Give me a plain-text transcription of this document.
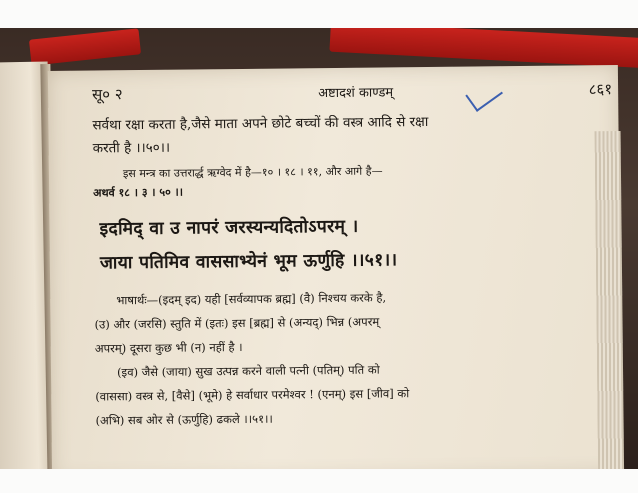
सू० २	अष्टादशं काण्डम्	८६१

सर्वथा रक्षा करता है,जैसे माता अपने छोटे बच्चों की वस्त्र आदि से रक्षा

करती है ।।५०।।

इस मन्त्र का उत्तरार्द्ध ऋग्वेद में है—१० । १८ । ११, और आगे है—

अथर्व १८ । ३ । ५० ।।

इदमिद् वा उ नापरं जरस्यन्यदितोऽपरम् ।
जाया पतिमिव वाससाभ्येनं भूम ऊर्णुहि ।।५१।।

भाषार्थः—(इदम् इद) यही [सर्वव्यापक ब्रह्म] (वै) निश्चय करके है,

(उ) और (जरसि) स्तुति में (इतः) इस [ब्रह्म] से (अन्यद्) भिन्न (अपरम्

अपरम्) दूसरा कुछ भी (न) नहीं है ।

(इव) जैसे (जाया) सुख उत्पन्न करने वाली पत्नी (पतिम्) पति को

(वाससा) वस्त्र से, [वैसे] (भूमे) हे सर्वाधार परमेश्वर ! (एनम्) इस [जीव] को

(अभि) सब ओर से (ऊर्णुहि) ढकले ।।५१।।
